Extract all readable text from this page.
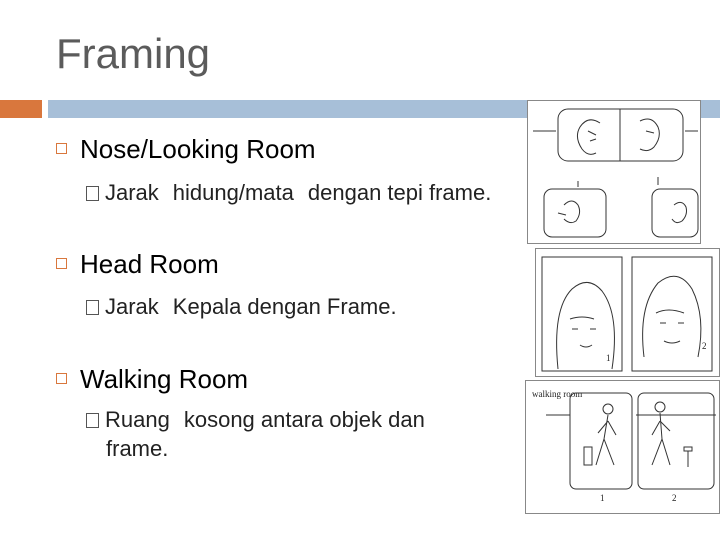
Framing
Nose/Looking Room
Jarak hidung/mata dengan tepi frame.
Head Room
Jarak Kepala dengan Frame.
Walking Room
Ruang kosong antara objek dan
frame.
1
2
walking room
1	2
